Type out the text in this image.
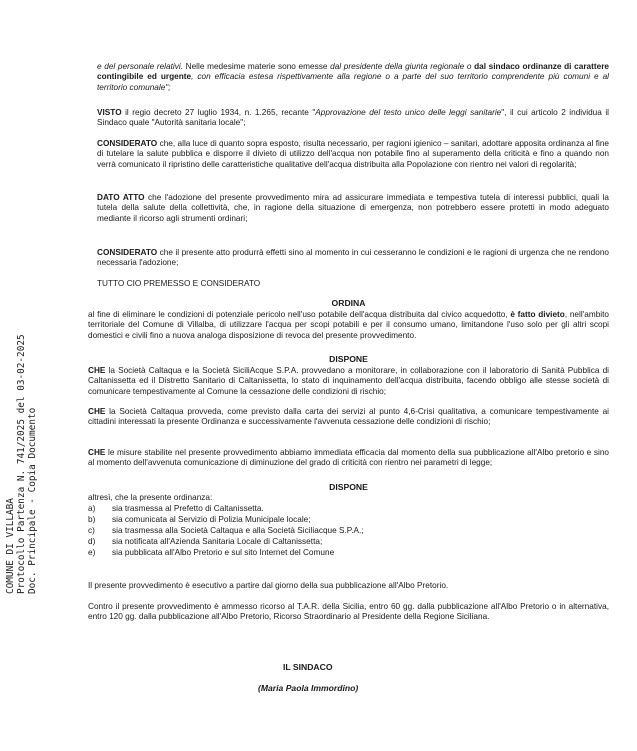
COMUNE DI VILLABA Protocollo Partenza N. 741/2025 del 03-02-2025 Doc. Principale - Copia Documento

e del personale relativi. Nelle medesime materie sono emesse dal presidente della giunta regionale o dal sindaco ordinanze di carattere contingibile ed urgente, con efficacia estesa rispettivamente alla regione o a parte del suo territorio comprendente più comuni e al territorio comunale";

VISTO il regio decreto 27 luglio 1934, n. 1.265, recante "Approvazione del testo unico delle leggi sanitarie", il cui articolo 2 individua il Sindaco quale "Autorità sanitaria locale";

CONSIDERATO che, alla luce di quanto sopra esposto, risulta necessario, per ragioni igienico – sanitari, adottare apposita ordinanza al fine di tutelare la salute pubblica e disporre il divieto di utilizzo dell'acqua non potabile fino al superamento della criticità e fino a quando non verrà comunicato il ripristino delle caratteristiche qualitative dell'acqua distribuita alla Popolazione con rientro nei valori di regolarità;

DATO ATTO che l'adozione del presente provvedimento mira ad assicurare immediata e tempestiva tutela di interessi pubblici, quali la tutela della salute della collettività, che, in ragione della situazione di emergenza, non potrebbero essere protetti in modo adeguato mediante il ricorso agli strumenti ordinari;

CONSIDERATO che il presente atto produrrà effetti sino al momento in cui cesseranno le condizioni e le ragioni di urgenza che ne rendono necessaria l'adozione;

TUTTO CIO PREMESSO E CONSIDERATO

ORDINA

al fine di eliminare le condizioni di potenziale pericolo nell'uso potabile dell'acqua distribuita dal civico acquedotto, è fatto divieto, nell'ambito territoriale del Comune di Villalba, di utilizzare l'acqua per scopi potabili e per il consumo umano, limitandone l'uso solo per gli altri scopi domestici e civili fino a nuova analoga disposizione di revoca del presente provvedimento.

DISPONE

CHE la Società Caltaqua e la Società SiciliAcque S.P.A. provvedano a monitorare, in collaborazione con il laboratorio di Sanità Pubblica di Caltanissetta ed il Distretto Sanitario di Caltanissetta, lo stato di inquinamento dell'acqua distribuita, facendo obbligo alle stesse società di comunicare tempestivamente al Comune la cessazione delle condizioni di rischio;

CHE la Società Caltaqua provveda, come previsto dalla carta dei servizi al punto 4,6-Crisi qualitativa, a comunicare tempestivamente ai cittadini interessati la presente Ordinanza e successivamente l'avvenuta cessazione delle condizioni di rischio;

CHE le misure stabilite nel presente provvedimento abbiamo immediata efficacia dal momento della sua pubblicazione all'Albo pretorio e sino al momento dell'avvenuta comunicazione di diminuzione del grado di criticità con rientro nei parametri di legge;

DISPONE

altresì, che la presente ordinanza:

a)	sia trasmessa al Prefetto di Caltanissetta.
b)	sia comunicata al Servizio di Polizia Municipale locale;
c)	sia trasmessa alla Società Caltaqua e alla Società Siciliacque S.P.A.;
d)	sia notificata all'Azienda Sanitaria Locale di Caltanissetta;
e)	sia pubblicata all'Albo Pretorio e sul sito Internet del Comune

Il presente provvedimento è esecutivo a partire dal giorno della sua pubblicazione all'Albo Pretorio.

Contro il presente provvedimento è ammesso ricorso al T.A.R. della Sicilia, entro 60 gg. dalla pubblicazione all'Albo Pretorio o in alternativa, entro 120 gg. dalla pubblicazione all'Albo Pretorio, Ricorso Straordinario al Presidente della Regione Siciliana.

IL SINDACO
(Maria Paola Immordino)
